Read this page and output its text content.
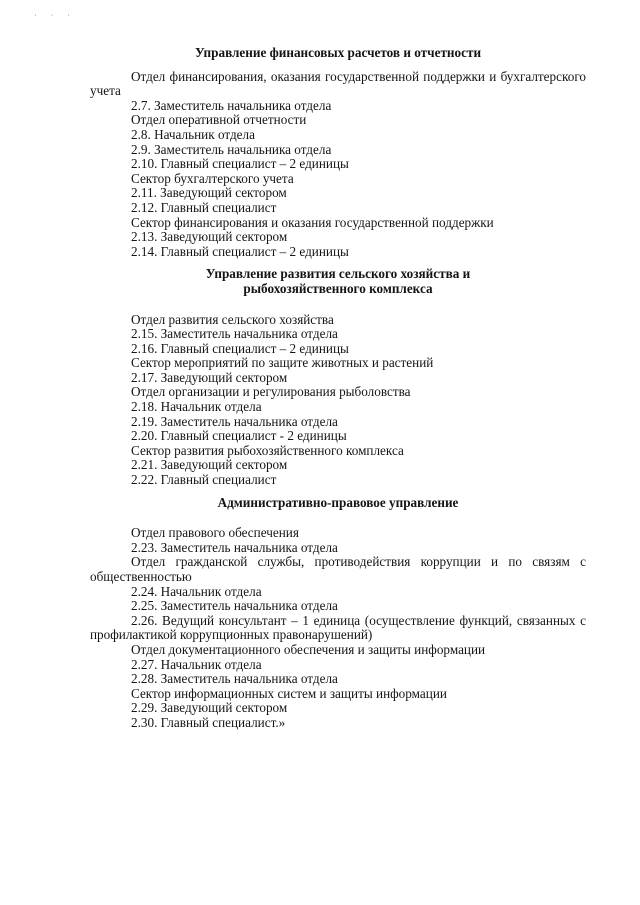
· · ·

Управление финансовых расчетов и отчетности

Отдел финансирования, оказания государственной поддержки и бухгалтерского учета

2.7. Заместитель начальника отдела

Отдел оперативной отчетности

2.8. Начальник отдела

2.9. Заместитель начальника отдела

2.10. Главный специалист – 2 единицы

Сектор бухгалтерского учета

2.11. Заведующий сектором

2.12. Главный специалист

Сектор финансирования и оказания государственной поддержки

2.13. Заведующий сектором

2.14. Главный специалист – 2 единицы

Управление развития сельского хозяйства и
рыбохозяйственного комплекса

Отдел развития сельского хозяйства

2.15. Заместитель начальника отдела

2.16. Главный специалист – 2 единицы

Сектор мероприятий по защите животных и растений

2.17. Заведующий сектором

Отдел организации и регулирования рыболовства

2.18. Начальник отдела

2.19. Заместитель начальника отдела

2.20. Главный специалист - 2 единицы

Сектор развития рыбохозяйственного комплекса

2.21. Заведующий сектором

2.22. Главный специалист

Административно-правовое управление

Отдел правового обеспечения

2.23. Заместитель начальника отдела

Отдел гражданской службы, противодействия коррупции и по связям с общественностью

2.24. Начальник отдела

2.25. Заместитель начальника отдела

2.26. Ведущий консультант – 1 единица (осуществление функций, связанных с профилактикой коррупционных правонарушений)

Отдел документационного обеспечения и защиты информации

2.27. Начальник отдела

2.28. Заместитель начальника отдела

Сектор информационных систем и защиты информации

2.29. Заведующий сектором

2.30. Главный специалист.»
